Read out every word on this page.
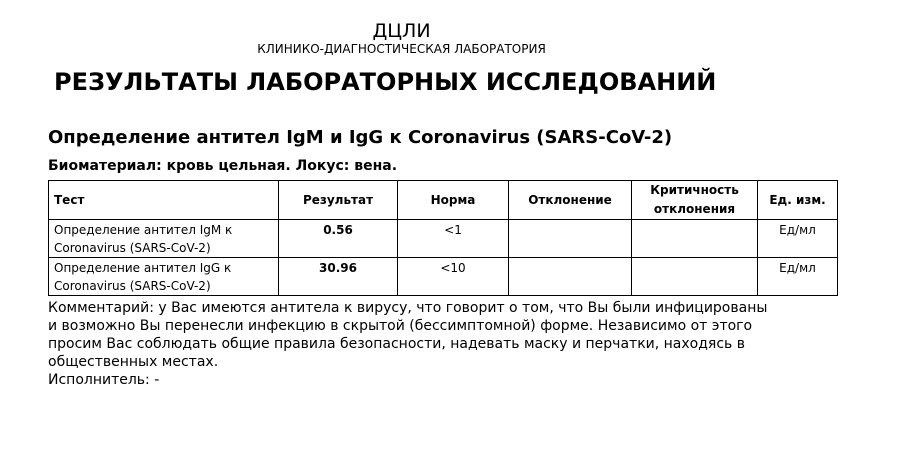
ДЦЛИ
КЛИНИКО-ДИАГНОСТИЧЕСКАЯ ЛАБОРАТОРИЯ
РЕЗУЛЬТАТЫ ЛАБОРАТОРНЫХ ИССЛЕДОВАНИЙ
Определение антител IgM и IgG к Coronavirus (SARS-CoV-2)
Биоматериал: кровь цельная. Локус: вена.
Тест	Результат	Норма	Отклонение	Критичность
отклонения	Ед. изм.

Определение антител IgM к
Coronavirus (SARS-CoV-2)	0.56	<1			Ед/мл

Определение антител IgG к
Coronavirus (SARS-CoV-2)	30.96	<10			Ед/мл
Комментарий: у Вас имеются антитела к вирусу, что говорит о том, что Вы были инфицированы
и возможно Вы перенесли инфекцию в скрытой (бессимптомной) форме. Независимо от этого
просим Вас соблюдать общие правила безопасности, надевать маску и перчатки, находясь в
общественных местах.
Исполнитель: -
